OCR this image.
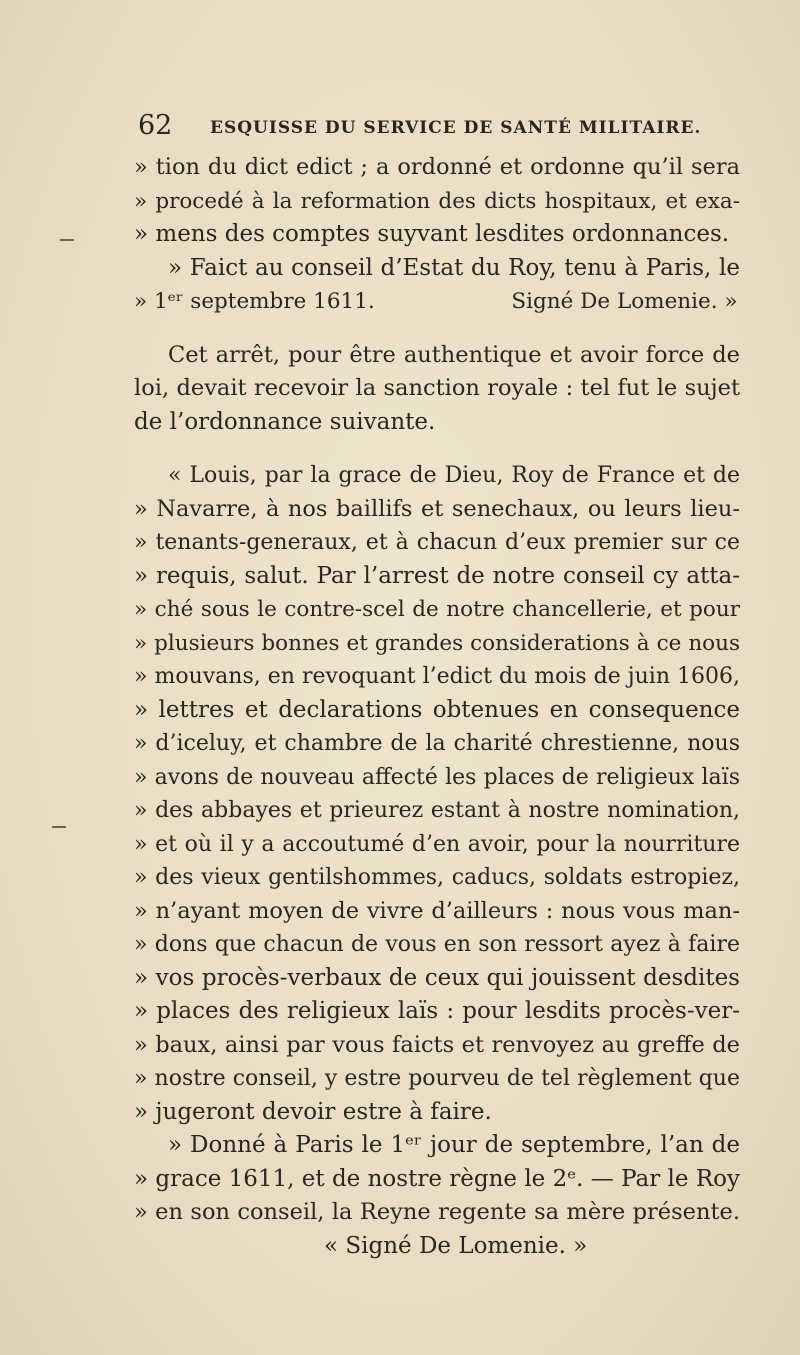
62 ESQUISSE DU SERVICE DE SANTÉ MILITAIRE.
» tion du dict edict ; a ordonné et ordonne qu’il sera
» procedé à la reformation des dicts hospitaux, et exa-
» mens des comptes suyvant lesdites ordonnances.
» Faict au conseil d’Estat du Roy, tenu à Paris, le
» 1ᵉʳ septembre 1611.                    Signé De Lomenie. »
Cet arrêt, pour être authentique et avoir force de
loi, devait recevoir la sanction royale : tel fut le sujet
de l’ordonnance suivante.
« Louis, par la grace de Dieu, Roy de France et de
» Navarre, à nos baillifs et senechaux, ou leurs lieu-
» tenants-generaux, et à chacun d’eux premier sur ce
» requis, salut. Par l’arrest de notre conseil cy atta-
» ché sous le contre-scel de notre chancellerie, et pour
» plusieurs bonnes et grandes considerations à ce nous
» mouvans, en revoquant l’edict du mois de juin 1606,
» lettres et declarations obtenues en consequence
» d’iceluy, et chambre de la charité chrestienne, nous
» avons de nouveau affecté les places de religieux laïs
» des abbayes et prieurez estant à nostre nomination,
» et où il y a accoutumé d’en avoir, pour la nourriture
» des vieux gentilshommes, caducs, soldats estropiez,
» n’ayant moyen de vivre d’ailleurs : nous vous man-
» dons que chacun de vous en son ressort ayez à faire
» vos procès-verbaux de ceux qui jouissent desdites
» places des religieux laïs : pour lesdits procès-ver-
» baux, ainsi par vous faicts et renvoyez au greffe de
» nostre conseil, y estre pourveu de tel règlement que
» jugeront devoir estre à faire.
» Donné à Paris le 1ᵉʳ jour de septembre, l’an de
» grace 1611, et de nostre règne le 2ᵉ. — Par le Roy
» en son conseil, la Reyne regente sa mère présente.
« Signé De Lomenie. »
